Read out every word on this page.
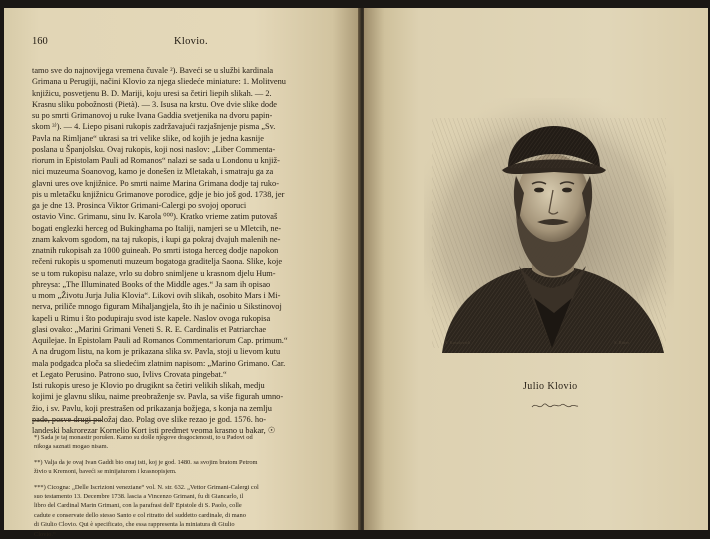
160	Klovio.
tamo sve do najnovijega vremena čuvale ²). Baveći se u službi kardinala
Grimana u Perugiji, načini Klovio za njega sliedeće miniature: 1. Molitvenu
knjižicu, posvetjenu B. D. Mariji, koju uresi sa četiri liepih slikah. — 2.
Krasnu sliku pobožnosti (Pietà). — 3. Isusa na krstu. Ove dvie slike dođe
su po smrti Grimanovoj u ruke Ivana Gaddia svetjenika na dvoru papin-
skom ³⁾). — 4. Liepo pisani rukopis zadržavajući razjašnjenje pisma „Sv.
Pavla na Rimljane“ ukrasi sa tri velike slike, od kojih je jedna kasnije
poslana u Španjolsku. Ovaj rukopis, koji nosi naslov: „Liber Commenta-
riorum in Epistolam Pauli ad Romanos“ nalazi se sada u Londonu u knjiž-
nici muzeuma Soanovog, kamo je donešen iz Mletakah, i smatraju ga za
glavni ures ove knjižnice. Po smrti naime Marina Grimana dodje taj ruko-
pis u mletačku knjižnicu Grimanove porodice, gdje je bio još god. 1738, jer
ga je dne 13. Prosinca Viktor Grimani-Calergi po svojoj oporuci
ostavio Vinc. Grimanu, sinu Iv. Karola ⁰⁰⁰). Kratko vrieme zatim putovaš
bogati englezki herceg od Bukinghama po Italiji, namjeri se u Mletcih, ne-
znam kakvom sgodom, na taj rukopis, i kupi ga pokraj dvajuh malenih ne-
znatnih rukopisah za 1000 guineah. Po smrti istoga herceg dodje napokon
rečeni rukopis u spomenuti muzeum bogatoga graditelja Saona. Slike, koje
se u tom rukopisu nalaze, vrlo su dobro snimljene u krasnom djelu Hum-
phreysa: „The Illuminated Books of the Middle ages.“ Ja sam ih opisao
u mom „Životu Jurja Julia Klovia“. Likovi ovih slikah, osobito Mars i Mi-
nerva, priliče mnogo figuram Mihaljangjela, što ih je načinio u Sikstinovoj
kapeli u Rimu i što podupiraju svod iste kapele. Naslov ovoga rukopisa
glasi ovako: „Marini Grimani Veneti S. R. E. Cardinalis et Patriarchae
Aquilejae. In Epistolam Pauli ad Romanos Commentariorum Cap. primum.“
A na drugom listu, na kom je prikazana slika sv. Pavla, stoji u lievom kutu
mala podgadca ploča sa sliedećim zlatnim napisom: „Marino Grimano. Car.
et Legato Perusino. Patrono suo, Ivlivs Crovata pingebat.“
Isti rukopis ureso je Klovio po drugiknt sa četiri velikih slikah, medju
kojimi je glavnu sliku, naime preobraženje sv. Pavla, sa više figurah umno-
žio, i sv. Pavlu, koji prestrašen od prikazanja božjega, s konja na zemlju
pade, posve drugi položaj dao. Polag ove slike rezao je god. 1576. ho-
landeski bakrorezar Kornelio Kort isti predmet veoma krasno u bakar, ☉
*) Sada je taj monastir porušen. Kamo su došle njegove dragocienosti, to u Padovi od
nikoga saznati mogao nisam.
**) Valja da je ovaj Ivan Gaddi bio onaj isti, koj je god. 1480. sa svojim bratom Petrom
živio u Kremoni, baveći se minijaturom i krasnopisjem.
***) Cicogna: „Delle Iscrizioni veneziane“ vol. N. str. 632. „Vettor Grimani-Calergi col
suo testamento 13. Decembre 1738. lascia a Vincenzo Grimani, fu di Giancarlo, il
libro del Cardinal Marin Grimani, con la parafrasi dell' Epistole di S. Paolo, colle
cadute e conservate dello stesso Santo e col ritratto del suddetto cardinale, di mano
di Giulio Clovio. Qui è specificato, che essa rappresenta la miniatura di Giulio
Clovio.“
N. Kosolovich	S. Ritter
Julio Klovio
